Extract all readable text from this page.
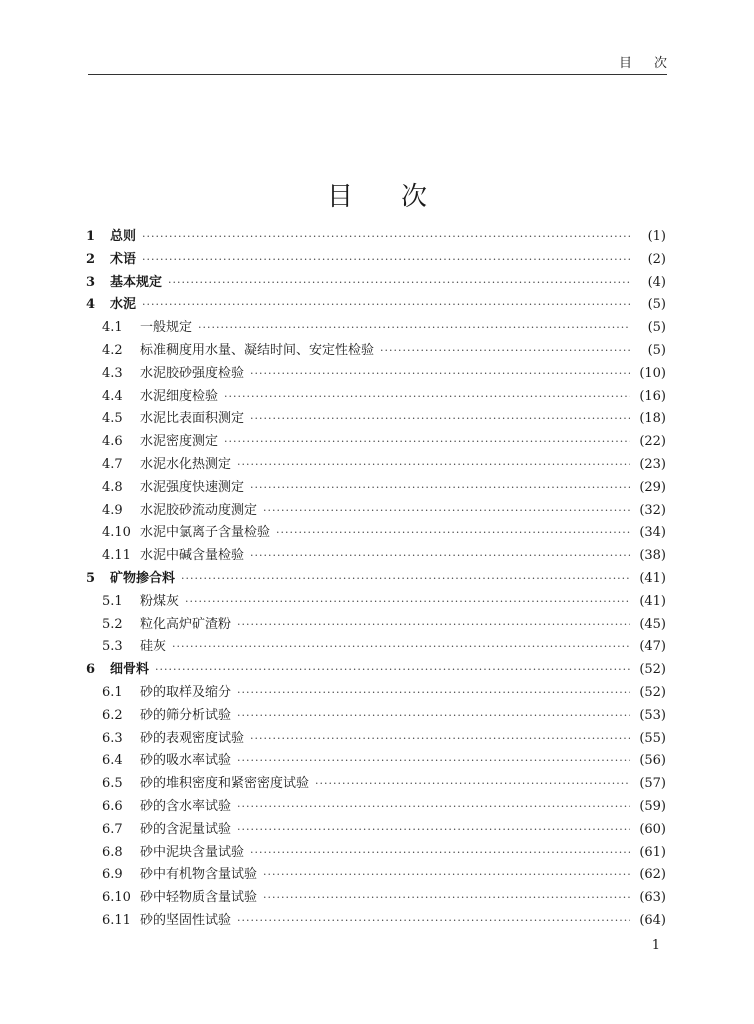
目次
目次
1	总则 ·····	(1)
2	术语 ·····	(2)
3	基本规定 ·····	(4)
4	水泥 ·····	(5)
4.1	一般规定 ·····	(5)
4.2	标准稠度用水量、凝结时间、安定性检验 ·····	(5)
4.3	水泥胶砂强度检验 ·····	(10)
4.4	水泥细度检验 ·····	(16)
4.5	水泥比表面积测定 ·····	(18)
4.6	水泥密度测定 ·····	(22)
4.7	水泥水化热测定 ·····	(23)
4.8	水泥强度快速测定 ·····	(29)
4.9	水泥胶砂流动度测定 ·····	(32)
4.10 水泥中氯离子含量检验 ·····	(34)
4.11 水泥中碱含量检验 ·····	(38)
5	矿物掺合料 ·····	(41)
5.1	粉煤灰 ·····	(41)
5.2	粒化高炉矿渣粉 ·····	(45)
5.3	硅灰 ·····	(47)
6	细骨料 ·····	(52)
6.1	砂的取样及缩分 ·····	(52)
6.2	砂的筛分析试验 ·····	(53)
6.3	砂的表观密度试验 ·····	(55)
6.4	砂的吸水率试验 ·····	(56)
6.5	砂的堆积密度和紧密密度试验 ·····	(57)
6.6	砂的含水率试验 ·····	(59)
6.7	砂的含泥量试验 ·····	(60)
6.8	砂中泥块含量试验 ·····	(61)
6.9	砂中有机物含量试验 ·····	(62)
6.10 砂中轻物质含量试验 ·····	(63)
6.11 砂的坚固性试验 ·····	(64)
1
